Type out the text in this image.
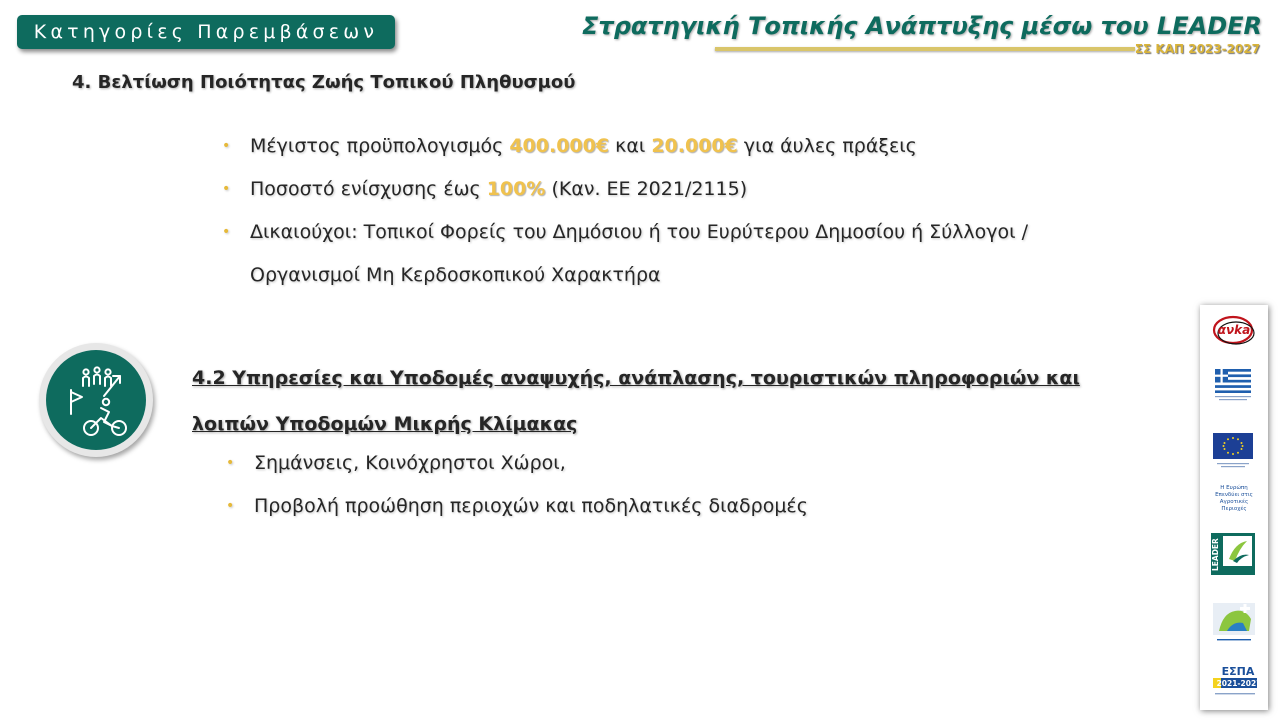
Κατηγορίες Παρεμβάσεων	Στρατηγική Τοπικής Ανάπτυξης μέσω του LEADER
ΣΣ ΚΑΠ 2023-2027
4. Βελτίωση Ποιότητας Ζωής Τοπικού Πληθυσμού
• Μέγιστος προϋπολογισμός 400.000€ και 20.000€ για άυλες πράξεις
• Ποσοστό ενίσχυσης έως 100% (Καν. ΕΕ 2021/2115)
• Δικαιούχοι: Τοπικοί Φορείς του Δημόσιου ή του Ευρύτερου Δημοσίου ή Σύλλογοι / Οργανισμοί Μη Κερδοσκοπικού Χαρακτήρα
4.2 Υπηρεσίες και Υποδομές αναψυχής, ανάπλασης, τουριστικών πληροφοριών και λοιπών Υποδομών Μικρής Κλίμακας
• Σημάνσεις, Κοινόχρηστοι Χώροι,
• Προβολή προώθηση περιοχών και ποδηλατικές διαδρομές
ανka
Η Ευρώπη Επενδύει στις Αγροτικές Περιοχές
LEADER
ΕΣΠΑ
2021-2027
